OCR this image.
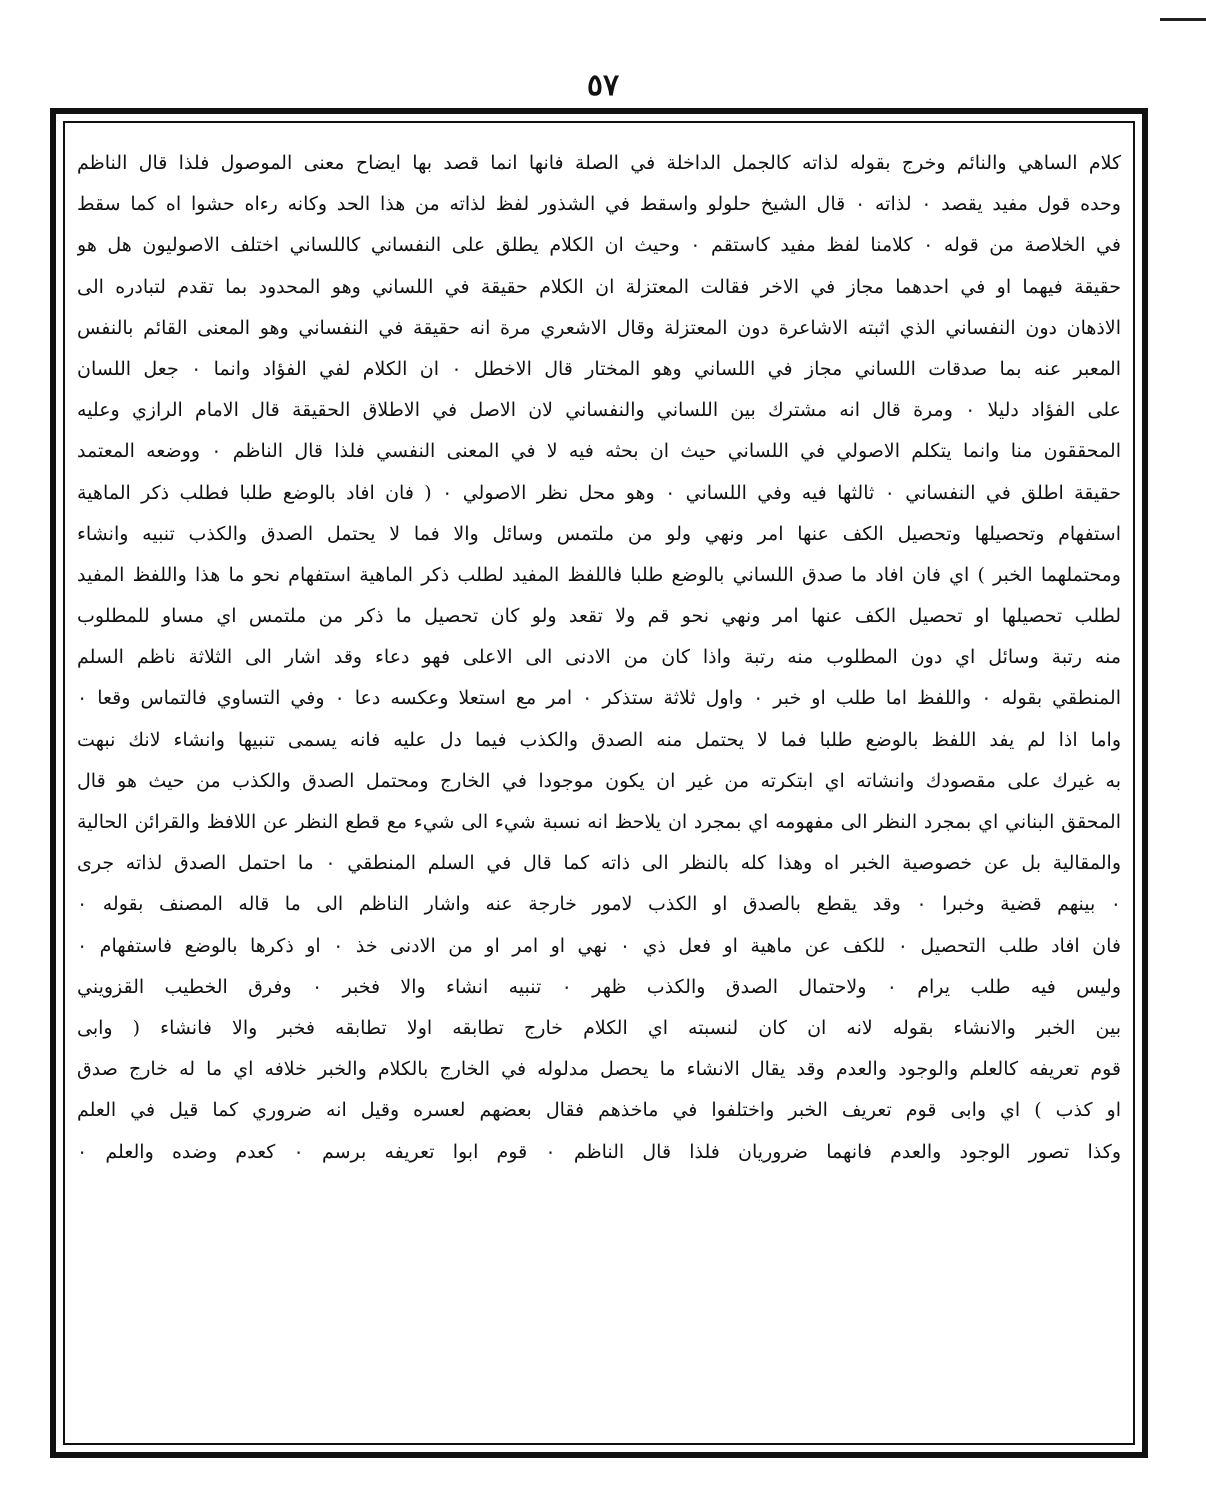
٥٧
كلام الساهي والنائم وخرج بقوله لذاته كالجمل الداخلة في الصلة فانها انما قصد بها ايضاح معنى الموصول فلذا قال الناظم
وحده قول مفيد يقصد ٠ لذاته ٠ قال الشيخ حلولو واسقط في الشذور لفظ لذاته من هذا الحد وكانه رءاه حشوا اه كما سقط
في الخلاصة من قوله ٠ كلامنا لفظ مفيد كاستقم ٠ وحيث ان الكلام يطلق على النفساني كاللساني اختلف الاصوليون هل هو
حقيقة فيهما او في احدهما مجاز في الاخر فقالت المعتزلة ان الكلام حقيقة في اللساني وهو المحدود بما تقدم لتبادره الى
الاذهان دون النفساني الذي اثبته الاشاعرة دون المعتزلة وقال الاشعري مرة انه حقيقة في النفساني وهو المعنى القائم بالنفس
المعبر عنه بما صدقات اللساني مجاز في اللساني وهو المختار قال الاخطل ٠ ان الكلام لفي الفؤاد وانما ٠ جعل اللسان
على الفؤاد دليلا ٠ ومرة قال انه مشترك بين اللساني والنفساني لان الاصل في الاطلاق الحقيقة قال الامام الرازي وعليه
المحققون منا وانما يتكلم الاصولي في اللساني حيث ان بحثه فيه لا في المعنى النفسي فلذا قال الناظم ٠ ووضعه المعتمد
حقيقة اطلق في النفساني ٠ ثالثها فيه وفي اللساني ٠ وهو محل نظر الاصولي ٠ ( فان افاد بالوضع طلبا فطلب ذكر الماهية
استفهام وتحصيلها وتحصيل الكف عنها امر ونهي ولو من ملتمس وسائل والا فما لا يحتمل الصدق والكذب تنبيه وانشاء
ومحتملهما الخبر ) اي فان افاد ما صدق اللساني بالوضع طلبا فاللفظ المفيد لطلب ذكر الماهية استفهام نحو ما هذا واللفظ المفيد
لطلب تحصيلها او تحصيل الكف عنها امر ونهي نحو قم ولا تقعد ولو كان تحصيل ما ذكر من ملتمس اي مساو للمطلوب
منه رتبة وسائل اي دون المطلوب منه رتبة واذا كان من الادنى الى الاعلى فهو دعاء وقد اشار الى الثلاثة ناظم السلم
المنطقي بقوله ٠ واللفظ اما طلب او خبر ٠ واول ثلاثة ستذكر ٠ امر مع استعلا وعكسه دعا ٠ وفي التساوي فالتماس وقعا ٠
واما اذا لم يفد اللفظ بالوضع طلبا فما لا يحتمل منه الصدق والكذب فيما دل عليه فانه يسمى تنبيها وانشاء لانك نبهت
به غيرك على مقصودك وانشاته اي ابتكرته من غير ان يكون موجودا في الخارج ومحتمل الصدق والكذب من حيث هو قال
المحقق البناني اي بمجرد النظر الى مفهومه اي بمجرد ان يلاحظ انه نسبة شيء الى شيء مع قطع النظر عن اللافظ والقرائن الحالية
والمقالية بل عن خصوصية الخبر اه وهذا كله بالنظر الى ذاته كما قال في السلم المنطقي ٠ ما احتمل الصدق لذاته جرى
٠ بينهم قضية وخبرا ٠ وقد يقطع بالصدق او الكذب لامور خارجة عنه واشار الناظم الى ما قاله المصنف بقوله ٠
فان افاد طلب التحصيل ٠ للكف عن ماهية او فعل ذي ٠ نهي او امر او من الادنى خذ ٠ او ذكرها بالوضع فاستفهام ٠
وليس فيه طلب يرام ٠ ولاحتمال الصدق والكذب ظهر ٠ تنبيه انشاء والا فخبر ٠ وفرق الخطيب القزويني
بين الخبر والانشاء بقوله لانه ان كان لنسبته اي الكلام خارج تطابقه اولا تطابقه فخبر والا فانشاء ( وابى
قوم تعريفه كالعلم والوجود والعدم وقد يقال الانشاء ما يحصل مدلوله في الخارج بالكلام والخبر خلافه اي ما له خارج صدق
او كذب ) اي وابى قوم تعريف الخبر واختلفوا في ماخذهم فقال بعضهم لعسره وقيل انه ضروري كما قيل في العلم
وكذا تصور الوجود والعدم فانهما ضروريان فلذا قال الناظم ٠ قوم ابوا تعريفه برسم ٠ كعدم وضده والعلم ٠
